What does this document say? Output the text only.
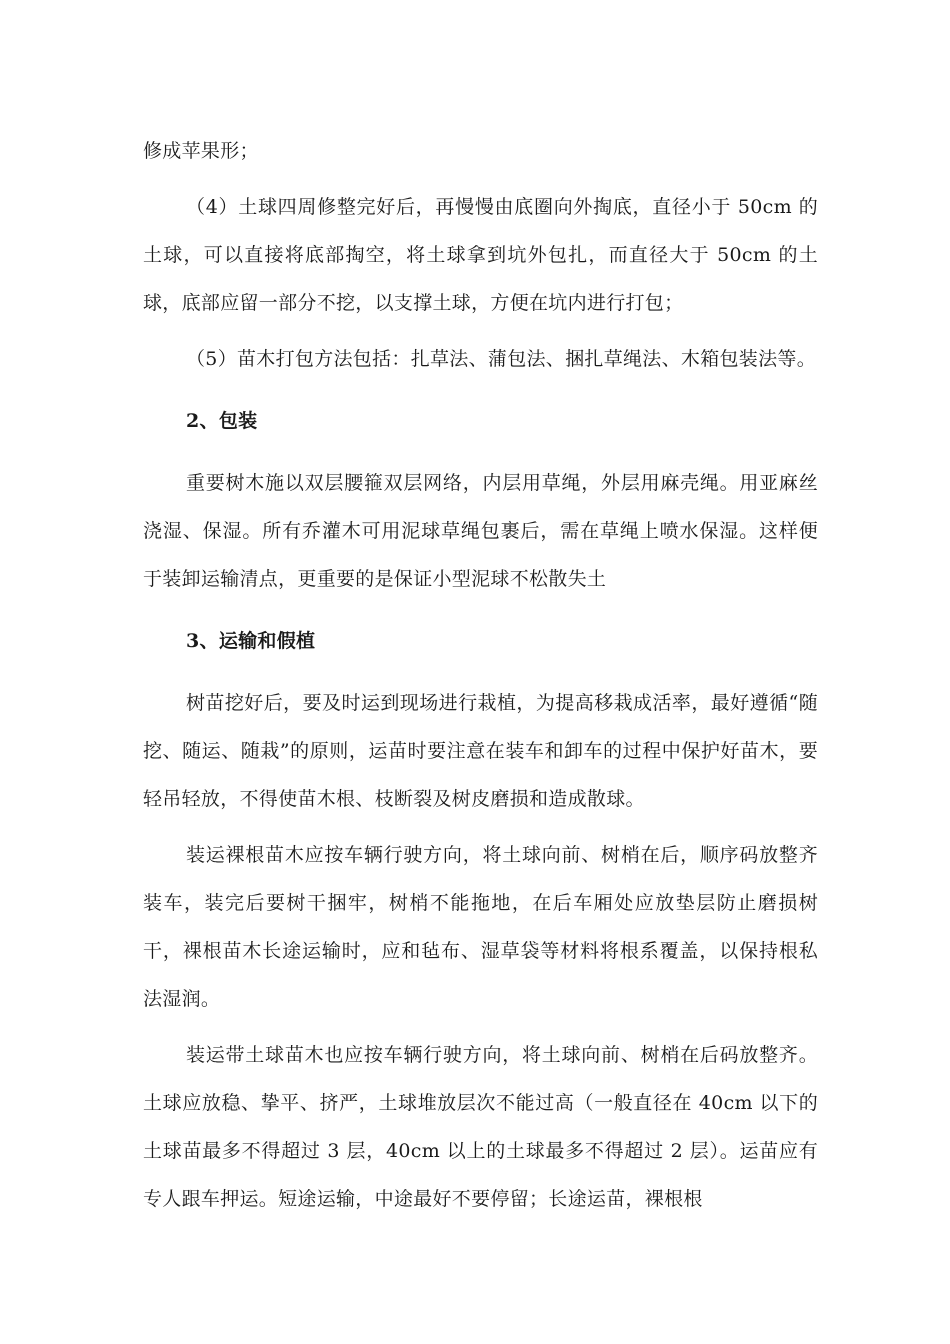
修成苹果形；

（4）土球四周修整完好后，再慢慢由底圈向外掏底，直径小于 50cm 的土球，可以直接将底部掏空，将土球拿到坑外包扎，而直径大于 50cm 的土球，底部应留一部分不挖，以支撑土球，方便在坑内进行打包；

（5）苗木打包方法包括：扎草法、蒲包法、捆扎草绳法、木箱包装法等。

2、包装

重要树木施以双层腰箍双层网络，内层用草绳，外层用麻壳绳。用亚麻丝浇湿、保湿。所有乔灌木可用泥球草绳包裹后，需在草绳上喷水保湿。这样便于装卸运输清点，更重要的是保证小型泥球不松散失土

3、运输和假植

树苗挖好后，要及时运到现场进行栽植，为提高移栽成活率，最好遵循“随挖、随运、随栽”的原则，运苗时要注意在装车和卸车的过程中保护好苗木，要轻吊轻放，不得使苗木根、枝断裂及树皮磨损和造成散球。

装运裸根苗木应按车辆行驶方向，将土球向前、树梢在后，顺序码放整齐装车，装完后要树干捆牢，树梢不能拖地，在后车厢处应放垫层防止磨损树干，裸根苗木长途运输时，应和毡布、湿草袋等材料将根系覆盖，以保持根私法湿润。

装运带土球苗木也应按车辆行驶方向，将土球向前、树梢在后码放整齐。土球应放稳、挚平、挤严，土球堆放层次不能过高（一般直径在 40cm 以下的土球苗最多不得超过 3 层，40cm 以上的土球最多不得超过 2 层）。运苗应有专人跟车押运。短途运输，中途最好不要停留；长途运苗，裸根根
